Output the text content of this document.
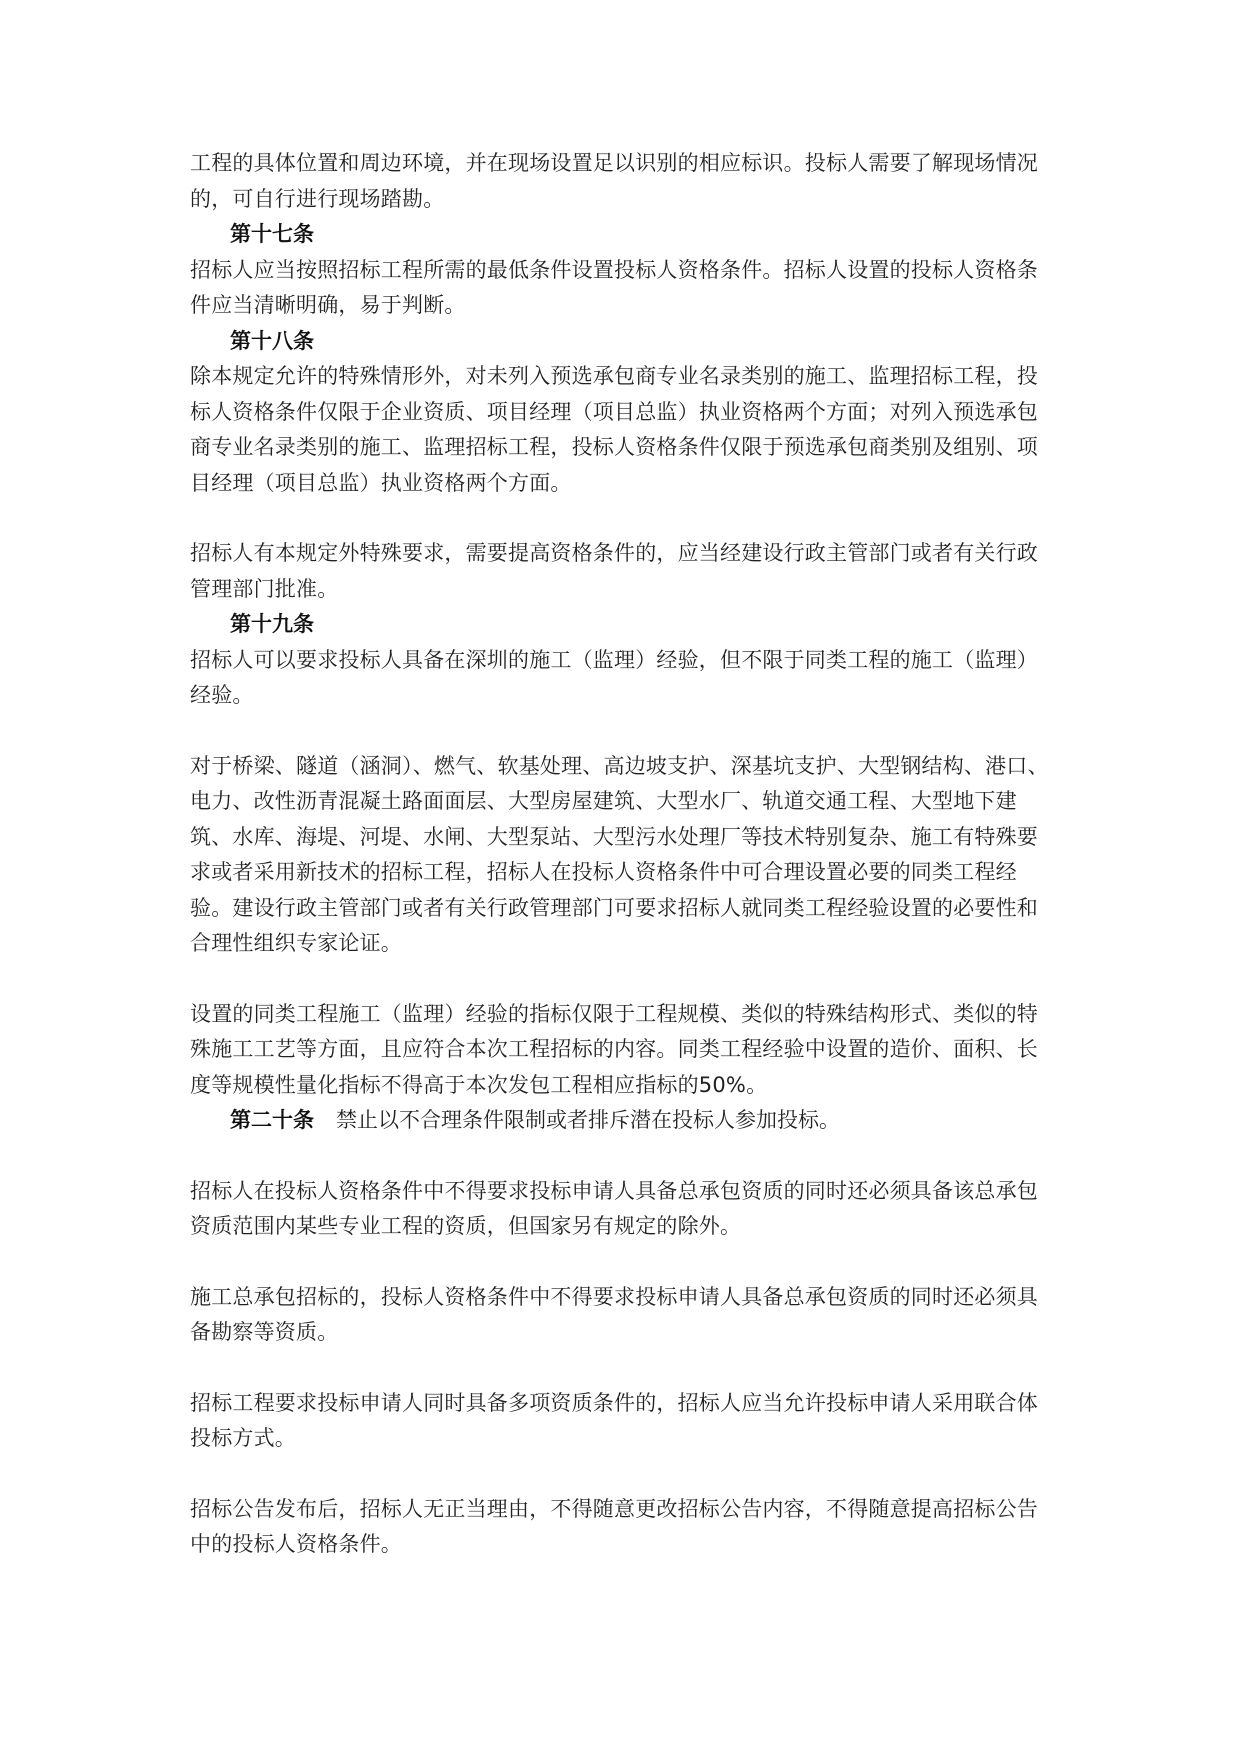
工程的具体位置和周边环境，并在现场设置足以识别的相应标识。投标人需要了解现场情况的，可自行进行现场踏勘。

第十七条

招标人应当按照招标工程所需的最低条件设置投标人资格条件。招标人设置的投标人资格条件应当清晰明确，易于判断。

第十八条

除本规定允许的特殊情形外，对未列入预选承包商专业名录类别的施工、监理招标工程，投标人资格条件仅限于企业资质、项目经理（项目总监）执业资格两个方面；对列入预选承包商专业名录类别的施工、监理招标工程，投标人资格条件仅限于预选承包商类别及组别、项目经理（项目总监）执业资格两个方面。

招标人有本规定外特殊要求，需要提高资格条件的，应当经建设行政主管部门或者有关行政管理部门批准。

第十九条

招标人可以要求投标人具备在深圳的施工（监理）经验，但不限于同类工程的施工（监理）经验。

对于桥梁、隧道（涵洞）、燃气、软基处理、高边坡支护、深基坑支护、大型钢结构、港口、电力、改性沥青混凝土路面面层、大型房屋建筑、大型水厂、轨道交通工程、大型地下建筑、水库、海堤、河堤、水闸、大型泵站、大型污水处理厂等技术特别复杂、施工有特殊要求或者采用新技术的招标工程，招标人在投标人资格条件中可合理设置必要的同类工程经验。建设行政主管部门或者有关行政管理部门可要求招标人就同类工程经验设置的必要性和合理性组织专家论证。

设置的同类工程施工（监理）经验的指标仅限于工程规模、类似的特殊结构形式、类似的特殊施工工艺等方面，且应符合本次工程招标的内容。同类工程经验中设置的造价、面积、长度等规模性量化指标不得高于本次发包工程相应指标的50%。

第二十条 禁止以不合理条件限制或者排斥潜在投标人参加投标。

招标人在投标人资格条件中不得要求投标申请人具备总承包资质的同时还必须具备该总承包资质范围内某些专业工程的资质，但国家另有规定的除外。

施工总承包招标的，投标人资格条件中不得要求投标申请人具备总承包资质的同时还必须具备勘察等资质。

招标工程要求投标申请人同时具备多项资质条件的，招标人应当允许投标申请人采用联合体投标方式。

招标公告发布后，招标人无正当理由，不得随意更改招标公告内容，不得随意提高招标公告中的投标人资格条件。
